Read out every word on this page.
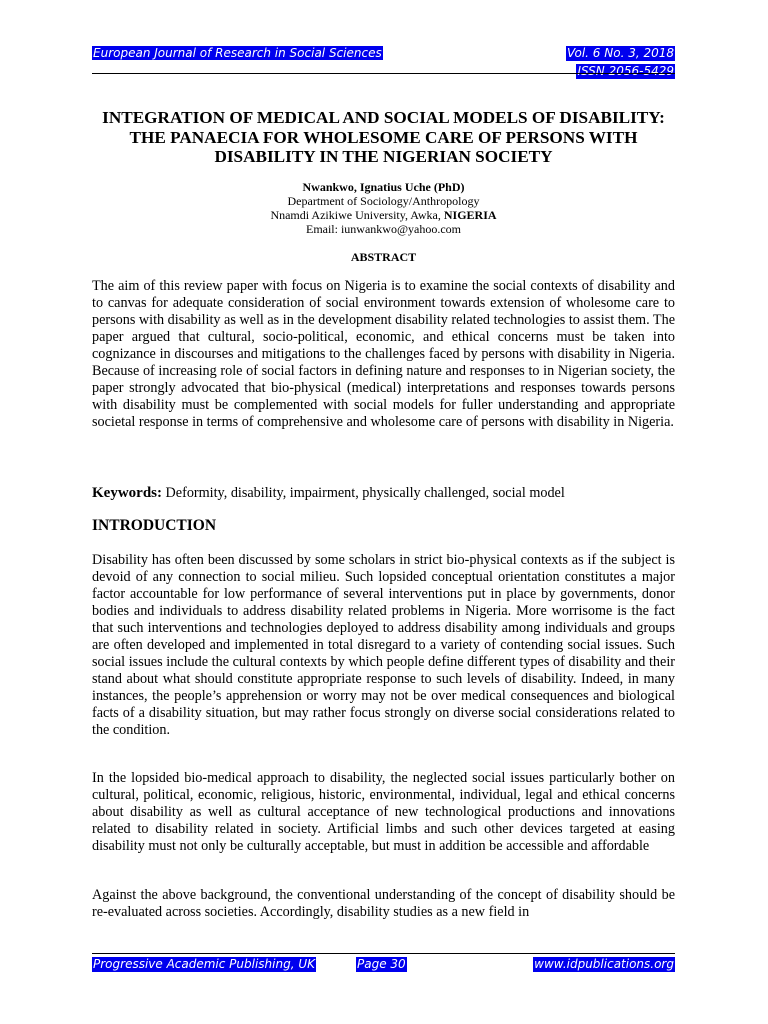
European Journal of Research in Social Sciences	Vol. 6 No. 3, 2018
ISSN 2056-5429
INTEGRATION OF MEDICAL AND SOCIAL MODELS OF DISABILITY: THE PANAECIA FOR WHOLESOME CARE OF PERSONS WITH DISABILITY IN THE NIGERIAN SOCIETY
Nwankwo, Ignatius Uche (PhD)
Department of Sociology/Anthropology
Nnamdi Azikiwe University, Awka, NIGERIA
Email: iunwankwo@yahoo.com
ABSTRACT
The aim of this review paper with focus on Nigeria is to examine the social contexts of disability and to canvas for adequate consideration of social environment towards extension of wholesome care to persons with disability as well as in the development disability related technologies to assist them. The paper argued that cultural, socio-political, economic, and ethical concerns must be taken into cognizance in discourses and mitigations to the challenges faced by persons with disability in Nigeria. Because of increasing role of social factors in defining nature and responses to in Nigerian society, the paper strongly advocated that bio-physical (medical) interpretations and responses towards persons with disability must be complemented with social models for fuller understanding and appropriate societal response in terms of comprehensive and wholesome care of persons with disability in Nigeria.
Keywords: Deformity, disability, impairment, physically challenged, social model
INTRODUCTION
Disability has often been discussed by some scholars in strict bio-physical contexts as if the subject is devoid of any connection to social milieu. Such lopsided conceptual orientation constitutes a major factor accountable for low performance of several interventions put in place by governments, donor bodies and individuals to address disability related problems in Nigeria. More worrisome is the fact that such interventions and technologies deployed to address disability among individuals and groups are often developed and implemented in total disregard to a variety of contending social issues. Such social issues include the cultural contexts by which people define different types of disability and their stand about what should constitute appropriate response to such levels of disability. Indeed, in many instances, the people’s apprehension or worry may not be over medical consequences and biological facts of a disability situation, but may rather focus strongly on diverse social considerations related to the condition.
In the lopsided bio-medical approach to disability, the neglected social issues particularly bother on cultural, political, economic, religious, historic, environmental, individual, legal and ethical concerns about disability as well as cultural acceptance of new technological productions and innovations related to disability related in society. Artificial limbs and such other devices targeted at easing disability must not only be culturally acceptable, but must in addition be accessible and affordable
Against the above background, the conventional understanding of the concept of disability should be re-evaluated across societies. Accordingly, disability studies as a new field in
Progressive Academic Publishing, UK	Page 30	www.idpublications.org
